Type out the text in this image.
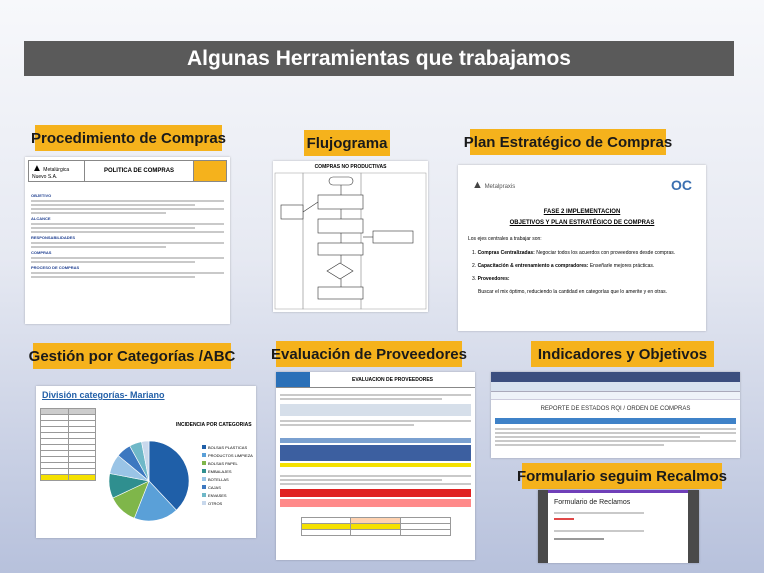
Algunas Herramientas que trabajamos
Procedimiento de Compras
▲ Metalúrgica Nuevo S.A.
POLITICA DE COMPRAS
OBJETIVO
ALCANCE
RESPONSABILIDADES
COMPRAS
PROCESO DE COMPRAS
Flujograma
COMPRAS NO PRODUCTIVAS
Plan Estratégico de Compras
▲ Metalpraxis	OC
FASE 2 IMPLEMENTACION
OBJETIVOS Y PLAN ESTRATÉGICO DE COMPRAS
Los ejes centrales a trabajar son:
1. Compras Centralizadas: Negociar todos los acuerdos con proveedores desde compras.
2. Capacitación & entrenamiento a compradores: Enseñarle mejores prácticas.
3. Proveedores:
Buscar el mix óptimo, reduciendo la cantidad en categorías que lo amerite y en otras.
Gestión por Categorías /ABC
División categorías- Mariano

INCIDENCIA POR CATEGORIAS
BOLSAS PLASTICAS
PRODUCTOS LIMPIEZA
BOLSAS PAPEL
EMBALAJES
BOTELLAS
CAJAS
ENVASES
OTROS
Evaluación de Proveedores
EVALUACION DE PROVEEDORES

Indicadores y Objetivos
REPORTE DE ESTADOS RQI / ORDEN DE COMPRAS
Formulario seguim Recalmos
Formulario de Reclamos
